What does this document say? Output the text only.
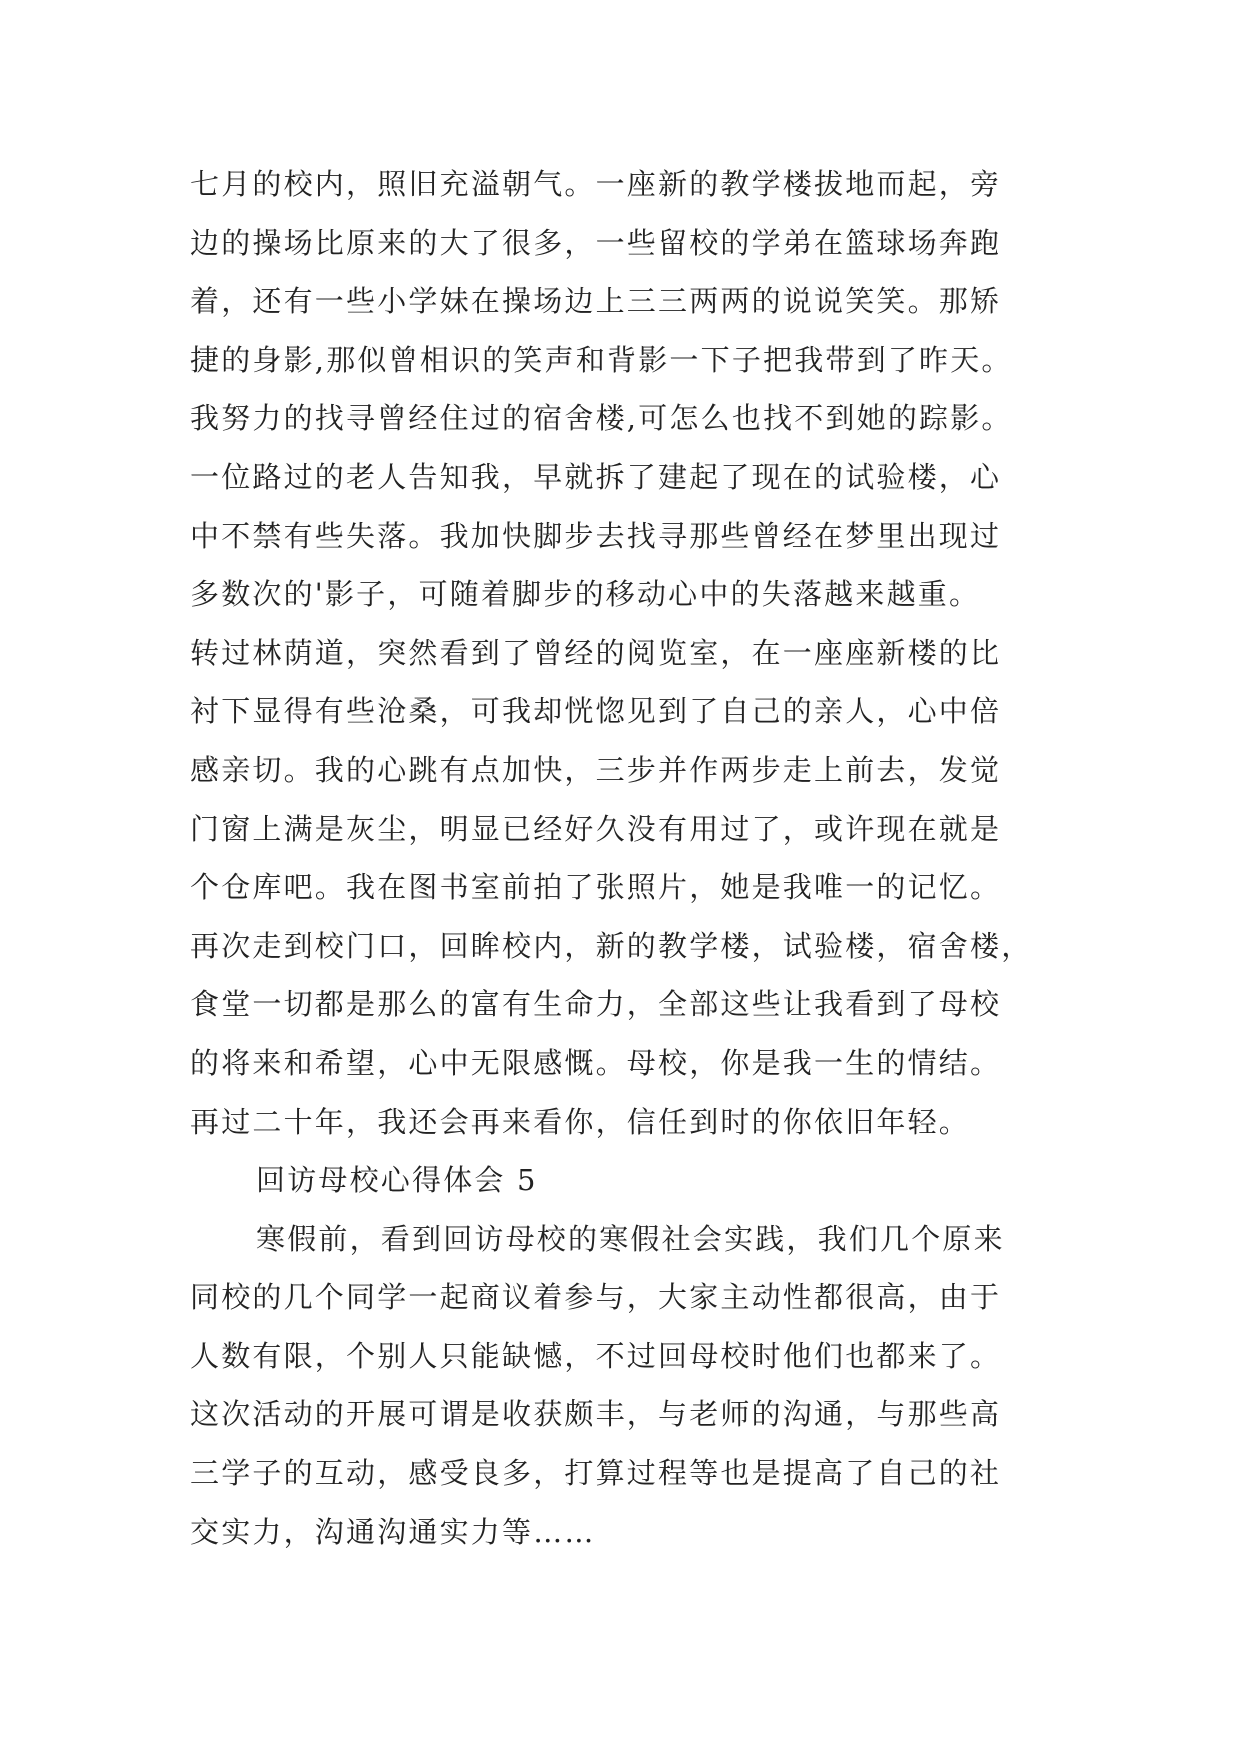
七月的校内，照旧充溢朝气。一座新的教学楼拔地而起，旁
边的操场比原来的大了很多，一些留校的学弟在篮球场奔跑
着，还有一些小学妹在操场边上三三两两的说说笑笑。那矫
捷的身影,那似曾相识的笑声和背影一下子把我带到了昨天。
我努力的找寻曾经住过的宿舍楼,可怎么也找不到她的踪影。
一位路过的老人告知我，早就拆了建起了现在的试验楼，心
中不禁有些失落。我加快脚步去找寻那些曾经在梦里出现过
多数次的'影子，可随着脚步的移动心中的失落越来越重。
转过林荫道，突然看到了曾经的阅览室，在一座座新楼的比
衬下显得有些沧桑，可我却恍惚见到了自己的亲人，心中倍
感亲切。我的心跳有点加快，三步并作两步走上前去，发觉
门窗上满是灰尘，明显已经好久没有用过了，或许现在就是
个仓库吧。我在图书室前拍了张照片，她是我唯一的记忆。
再次走到校门口，回眸校内，新的教学楼，试验楼，宿舍楼，
食堂一切都是那么的富有生命力，全部这些让我看到了母校
的将来和希望，心中无限感慨。母校，你是我一生的情结。
再过二十年，我还会再来看你，信任到时的你依旧年轻。
回访母校心得体会 5
寒假前，看到回访母校的寒假社会实践，我们几个原来
同校的几个同学一起商议着参与，大家主动性都很高，由于
人数有限，个别人只能缺憾，不过回母校时他们也都来了。
这次活动的开展可谓是收获颇丰，与老师的沟通，与那些高
三学子的互动，感受良多，打算过程等也是提高了自己的社
交实力，沟通沟通实力等……
